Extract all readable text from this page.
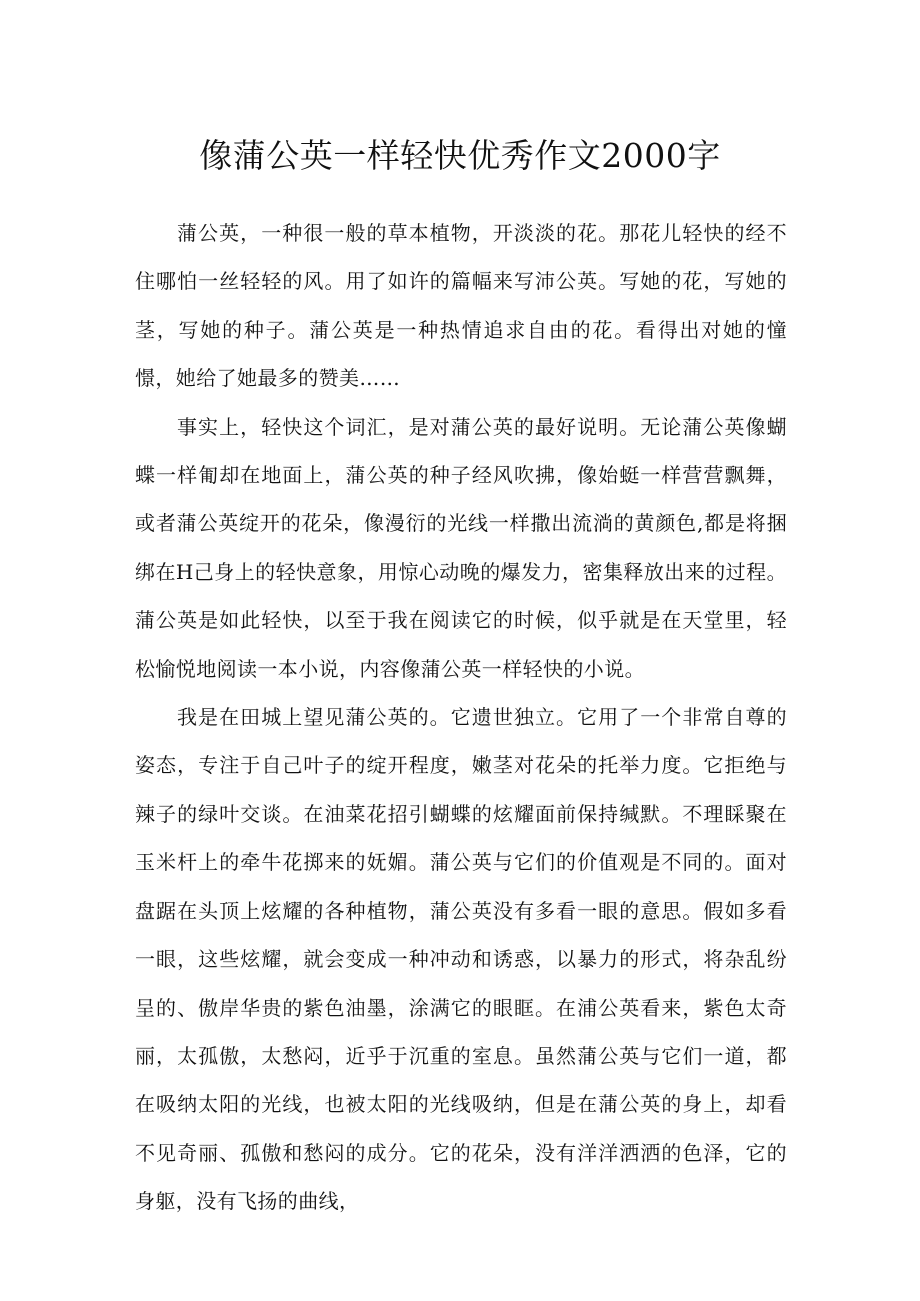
像蒲公英一样轻快优秀作文2000字

蒲公英，一种很一般的草本植物，开淡淡的花。那花儿轻快的经不住哪怕一丝轻轻的风。用了如许的篇幅来写沛公英。写她的花，写她的茎，写她的种子。蒲公英是一种热情追求自由的花。看得出对她的憧憬，她给了她最多的赞美……

事实上，轻快这个词汇，是对蒲公英的最好说明。无论蒲公英像蝴蝶一样匍却在地面上，蒲公英的种子经风吹拂，像始蜓一样营营飘舞，或者蒲公英绽开的花朵，像漫衍的光线一样撒出流淌的黄颜色,都是将捆绑在H己身上的轻快意象，用惊心动晚的爆发力，密集释放出来的过程。蒲公英是如此轻快，以至于我在阅读它的时候，似乎就是在天堂里，轻松愉悦地阅读一本小说，内容像蒲公英一样轻快的小说。

我是在田城上望见蒲公英的。它遗世独立。它用了一个非常自尊的姿态，专注于自己叶子的绽开程度，嫩茎对花朵的托举力度。它拒绝与辣子的绿叶交谈。在油菜花招引蝴蝶的炫耀面前保持缄默。不理睬聚在玉米杆上的牵牛花掷来的妩媚。蒲公英与它们的价值观是不同的。面对盘踞在头顶上炫耀的各种植物，蒲公英没有多看一眼的意思。假如多看一眼，这些炫耀，就会变成一种冲动和诱惑，以暴力的形式，将杂乱纷呈的、傲岸华贵的紫色油墨，涂满它的眼眶。在浦公英看来，紫色太奇丽，太孤傲，太愁闷，近乎于沉重的室息。虽然蒲公英与它们一道，都在吸纳太阳的光线，也被太阳的光线吸纳，但是在蒲公英的身上，却看不见奇丽、孤傲和愁闷的成分。它的花朵，没有洋洋洒洒的色泽，它的身躯，没有飞扬的曲线，
